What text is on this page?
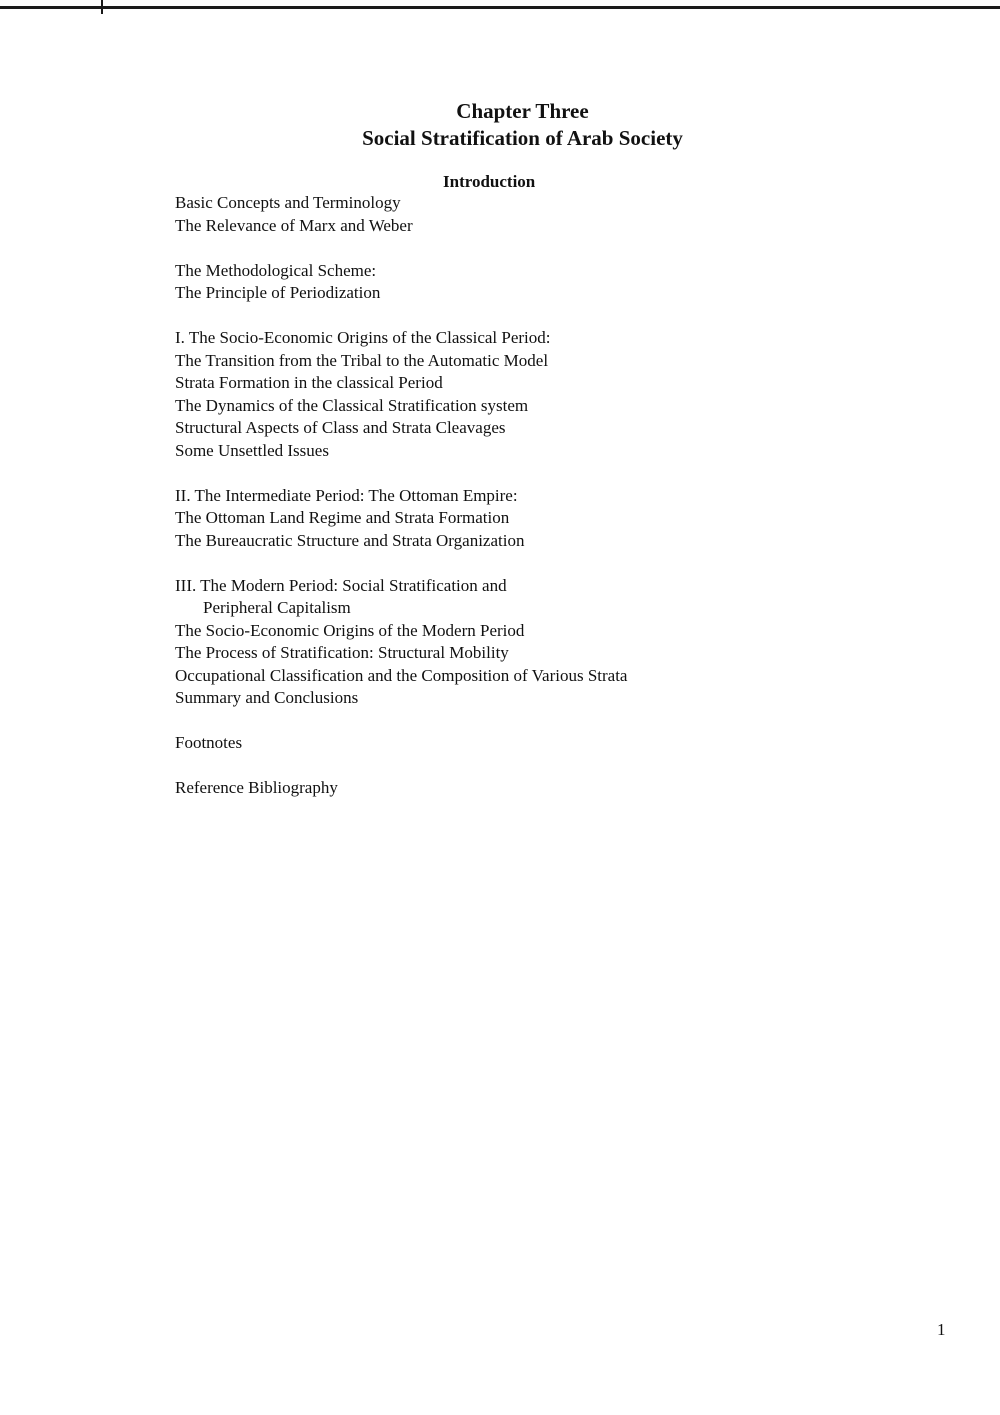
Chapter Three
Social Stratification of Arab Society
Introduction
Basic Concepts and Terminology
The Relevance of Marx and Weber
The Methodological Scheme:
The Principle of Periodization
I. The Socio-Economic Origins of the Classical Period:
The Transition from the Tribal to the Automatic Model
Strata Formation in the classical Period
The Dynamics of the Classical Stratification system
Structural Aspects of Class and Strata Cleavages
Some Unsettled Issues
II. The Intermediate Period: The Ottoman Empire:
The Ottoman Land Regime and Strata Formation
The Bureaucratic Structure and Strata Organization
III. The Modern Period: Social Stratification and
Peripheral Capitalism
The Socio-Economic Origins of the Modern Period
The Process of Stratification: Structural Mobility
Occupational Classification and the Composition of Various Strata
Summary and Conclusions
Footnotes
Reference Bibliography
1
